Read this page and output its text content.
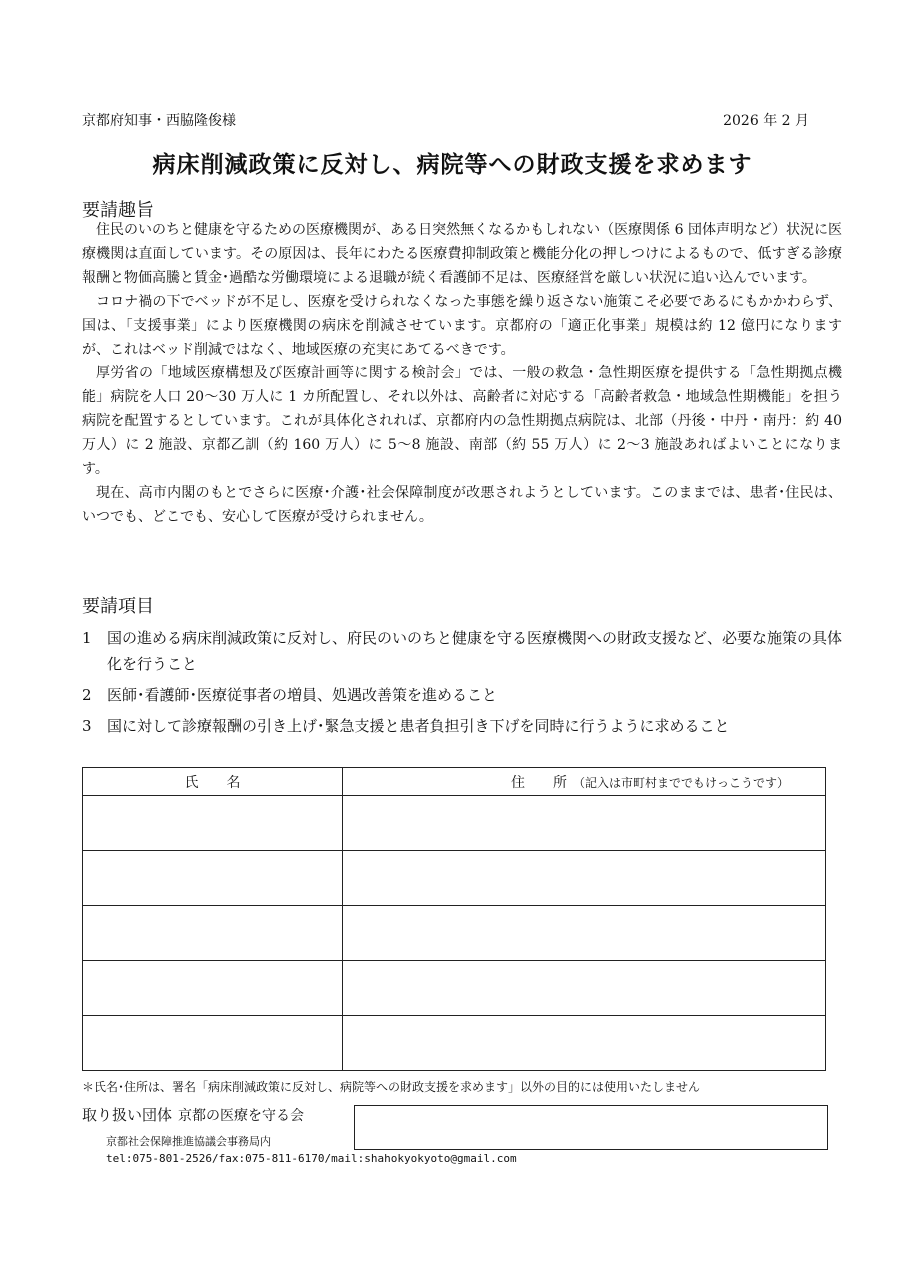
京都府知事・西脇隆俊様	2026 年 2 月
病床削減政策に反対し、病院等への財政支援を求めます
要請趣旨

住民のいのちと健康を守るための医療機関が、ある日突然無くなるかもしれない（医療関係 6 団体声明など）状況に医療機関は直面しています。その原因は、長年にわたる医療費抑制政策と機能分化の押しつけによるもので、低すぎる診療報酬と物価高騰と賃金･過酷な労働環境による退職が続く看護師不足は、医療経営を厳しい状況に追い込んでいます。

コロナ禍の下でベッドが不足し、医療を受けられなくなった事態を繰り返さない施策こそ必要であるにもかかわらず、国は、「支援事業」により医療機関の病床を削減させています。京都府の「適正化事業」規模は約 12 億円になりますが、これはベッド削減ではなく、地域医療の充実にあてるべきです。

厚労省の「地域医療構想及び医療計画等に関する検討会」では、一般の救急・急性期医療を提供する「急性期拠点機能」病院を人口 20～30 万人に 1 カ所配置し、それ以外は、高齢者に対応する「高齢者救急・地域急性期機能」を担う病院を配置するとしています。これが具体化されれば、京都府内の急性期拠点病院は、北部（丹後・中丹・南丹：約 40 万人）に 2 施設、京都乙訓（約 160 万人）に 5～8 施設、南部（約 55 万人）に 2～3 施設あればよいことになります。

現在、高市内閣のもとでさらに医療･介護･社会保障制度が改悪されようとしています。このままでは、患者･住民は、いつでも、どこでも、安心して医療が受けられません。

要請項目
1 国の進める病床削減政策に反対し、府民のいのちと健康を守る医療機関への財政支援など、必要な施策の具体化を行うこと
2 医師･看護師･医療従事者の増員、処遇改善策を進めること
3 国に対して診療報酬の引き上げ･緊急支援と患者負担引き下げを同時に行うように求めること
氏　　名	住　　所 （記入は市町村まででもけっこうです）

＊氏名･住所は、署名「病床削減政策に反対し、病院等への財政支援を求めます」以外の目的には使用いたしません
取り扱い団体 京都の医療を守る会
京都社会保障推進協議会事務局内
tel:075-801-2526/fax:075-811-6170/mail:shahokyokyoto@gmail.com
